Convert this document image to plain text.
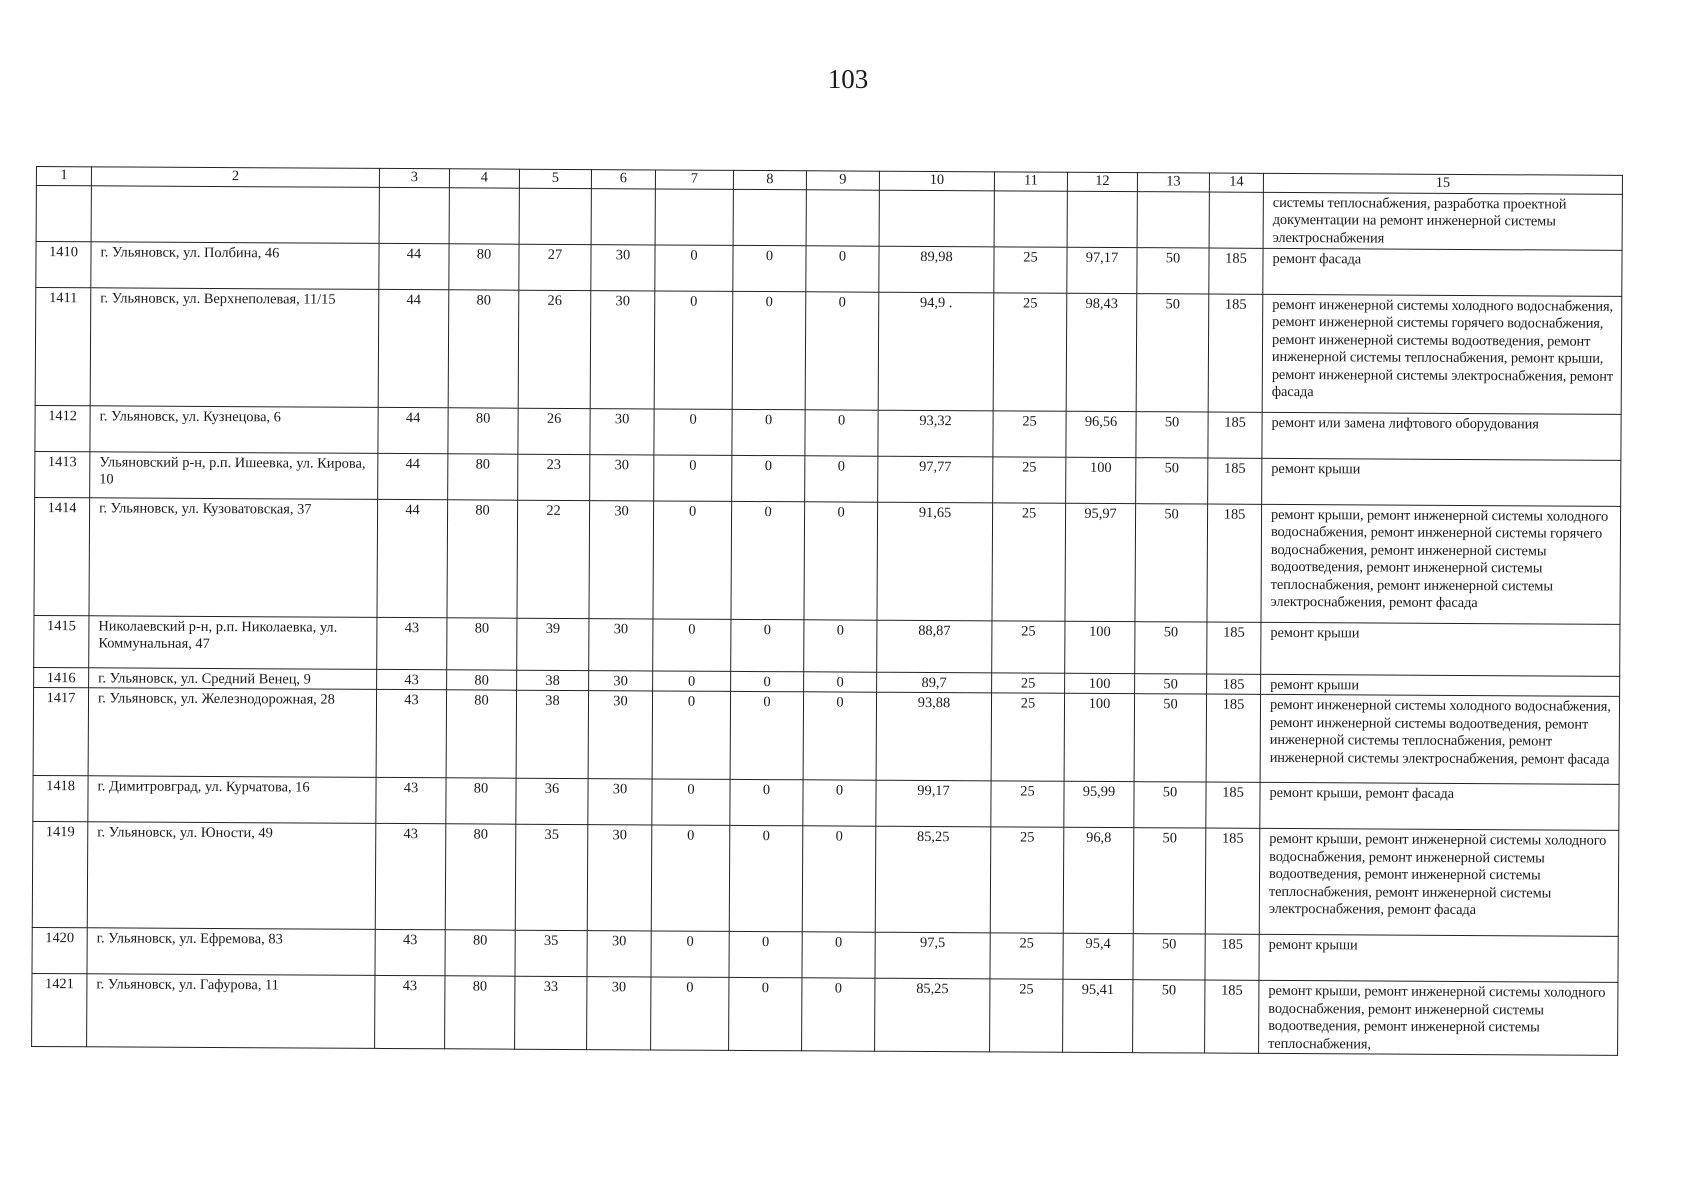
103
1	2	3	4	5	6	7	8	9	10	11	12	13	14	15
														системы теплоснабжения, разработка проектной документации на ремонт инженерной системы электроснабжения
1410	г. Ульяновск, ул. Полбина, 46	44	80	27	30	0	0	0	89,98	25	97,17	50	185	ремонт фасада
1411	г. Ульяновск, ул. Верхнеполевая, 11/15	44	80	26	30	0	0	0	94,9 .	25	98,43	50	185	ремонт инженерной системы холодного водоснабжения, ремонт инженерной системы горячего водоснабжения, ремонт инженерной системы водоотведения, ремонт инженерной системы теплоснабжения, ремонт крыши, ремонт инженерной системы электроснабжения, ремонт фасада
1412	г. Ульяновск, ул. Кузнецова, 6	44	80	26	30	0	0	0	93,32	25	96,56	50	185	ремонт или замена лифтового оборудования
1413	Ульяновский р-н, р.п. Ишеевка, ул. Кирова, 10	44	80	23	30	0	0	0	97,77	25	100	50	185	ремонт крыши
1414	г. Ульяновск, ул. Кузоватовская, 37	44	80	22	30	0	0	0	91,65	25	95,97	50	185	ремонт крыши, ремонт инженерной системы холодного водоснабжения, ремонт инженерной системы горячего водоснабжения, ремонт инженерной системы водоотведения, ремонт инженерной системы теплоснабжения, ремонт инженерной системы электроснабжения, ремонт фасада
1415	Николаевский р-н, р.п. Николаевка, ул. Коммунальная, 47	43	80	39	30	0	0	0	88,87	25	100	50	185	ремонт крыши
1416	г. Ульяновск, ул. Средний Венец, 9	43	80	38	30	0	0	0	89,7	25	100	50	185	ремонт крыши
1417	г. Ульяновск, ул. Железнодорожная, 28	43	80	38	30	0	0	0	93,88	25	100	50	185	ремонт инженерной системы холодного водоснабжения, ремонт инженерной системы водоотведения, ремонт инженерной системы теплоснабжения, ремонт инженерной системы электроснабжения, ремонт фасада
1418	г. Димитровград, ул. Курчатова, 16	43	80	36	30	0	0	0	99,17	25	95,99	50	185	ремонт крыши, ремонт фасада
1419	г. Ульяновск, ул. Юности, 49	43	80	35	30	0	0	0	85,25	25	96,8	50	185	ремонт крыши, ремонт инженерной системы холодного водоснабжения, ремонт инженерной системы водоотведения, ремонт инженерной системы теплоснабжения, ремонт инженерной системы электроснабжения, ремонт фасада
1420	г. Ульяновск, ул. Ефремова, 83	43	80	35	30	0	0	0	97,5	25	95,4	50	185	ремонт крыши
1421	г. Ульяновск, ул. Гафурова, 11	43	80	33	30	0	0	0	85,25	25	95,41	50	185	ремонт крыши, ремонт инженерной системы холодного водоснабжения, ремонт инженерной системы водоотведения, ремонт инженерной системы теплоснабжения,
